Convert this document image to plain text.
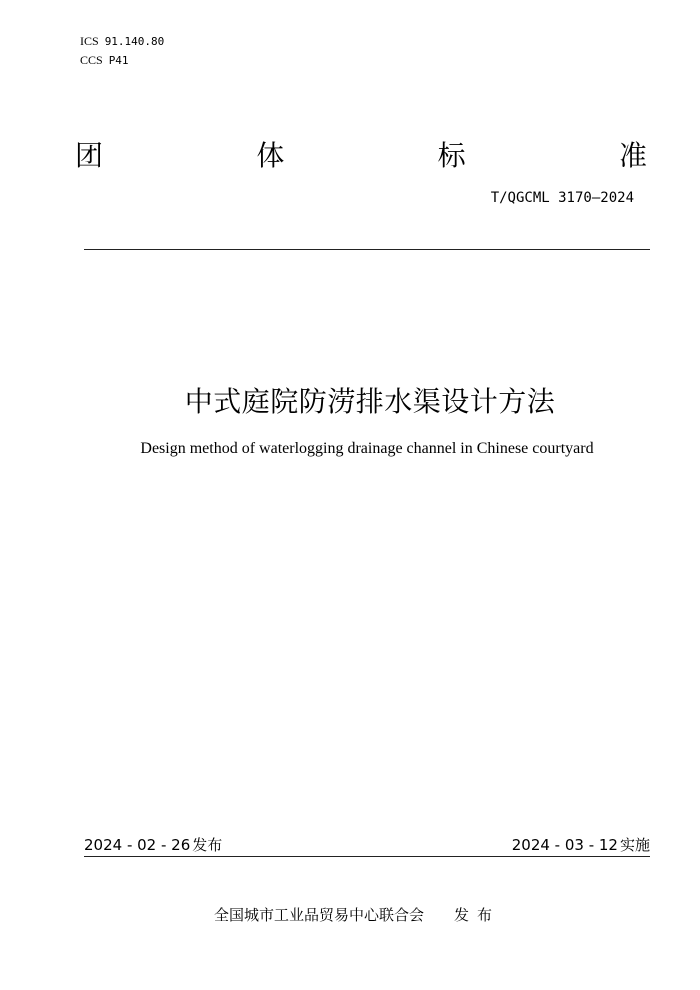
ICS 91.140.80
CCS P41
团	体	标	准
T/QGCML 3170—2024
中式庭院防涝排水渠设计方法
Design method of waterlogging drainage channel in Chinese courtyard
2024 - 02 - 26 发布	2024 - 03 - 12 实施
全国城市工业品贸易中心联合会 发布
